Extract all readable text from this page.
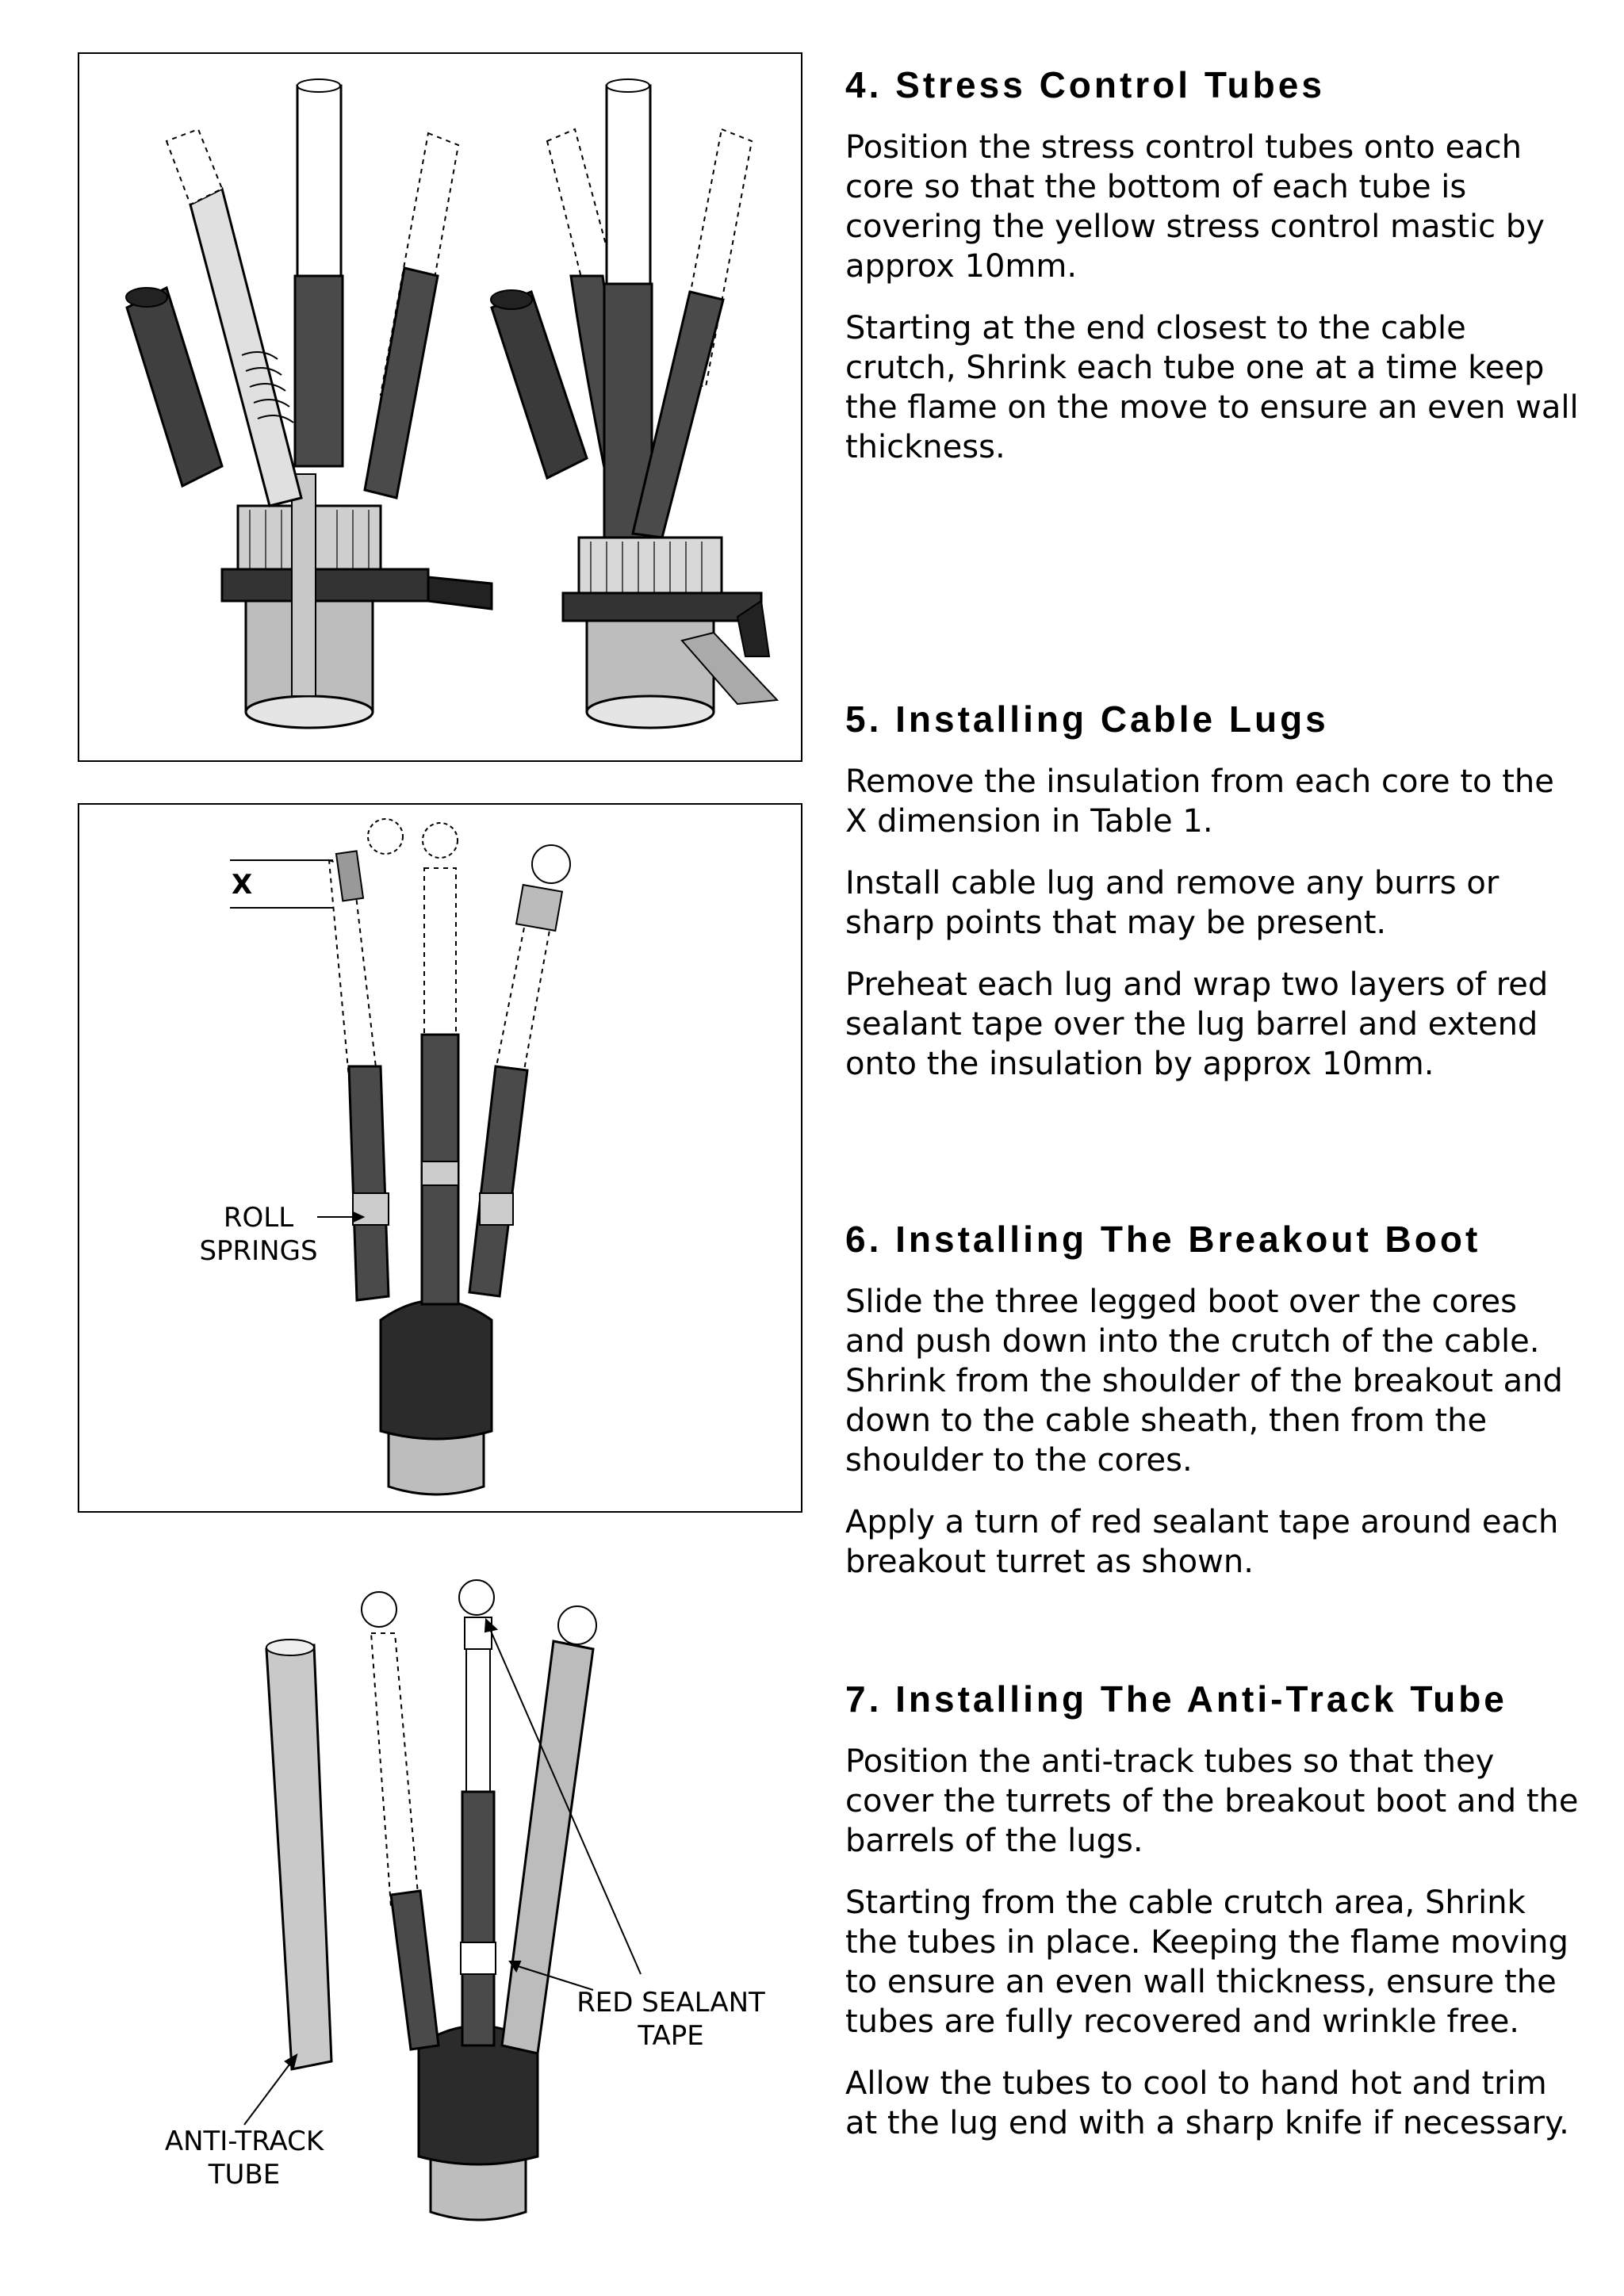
X
ROLL
SPRINGS
RED SEALANT
TAPE
ANTI-TRACK
TUBE
4. Stress Control Tubes

Position the stress control tubes onto each core so that the bottom of each tube is covering the yellow stress control mastic by approx 10mm.

Starting at the end closest to the cable crutch, Shrink each tube one at a time keep the flame on the move to ensure an even wall thickness.

5. Installing Cable Lugs

Remove the insulation from each core to the X dimension in Table 1.

Install cable lug and remove any burrs or sharp points that may be present.

Preheat each lug and wrap two layers of red sealant tape over the lug barrel and extend onto the insulation by approx 10mm.

6. Installing The Breakout Boot

Slide the three legged boot over the cores and push down into the crutch of the cable. Shrink from the shoulder of the breakout and down to the cable sheath, then from the shoulder to the cores.

Apply a turn of red sealant tape around each breakout turret as shown.

7. Installing The Anti-Track Tube

Position the anti-track tubes so that they cover the turrets of the breakout boot and the barrels of the lugs.

Starting from the cable crutch area, Shrink the tubes in place. Keeping the flame moving to ensure an even wall thickness, ensure the tubes are fully recovered and wrinkle free.

Allow the tubes to cool to hand hot and trim at the lug end with a sharp knife if necessary.
